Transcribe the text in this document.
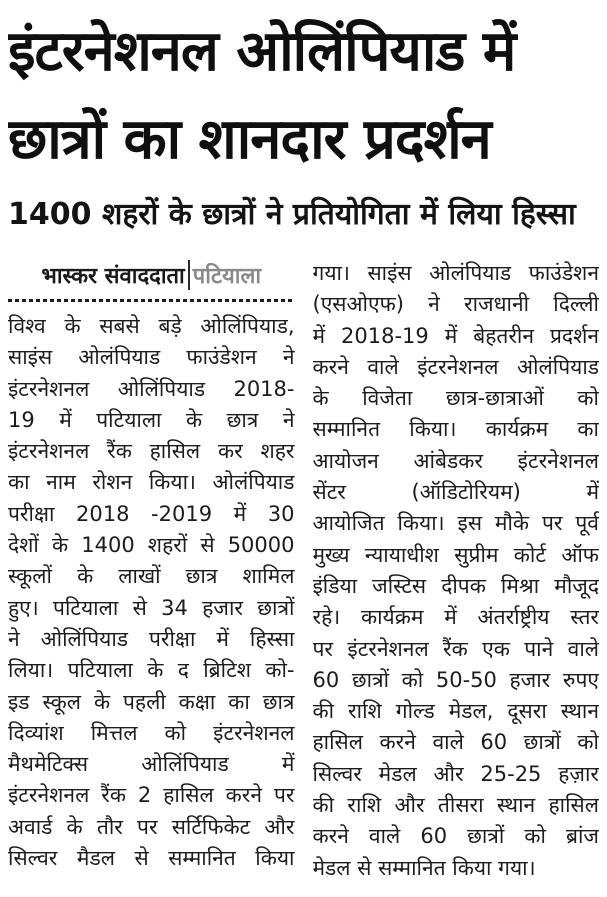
इंटरनेशनल ओलिंपियाड में
छात्रों का शानदार प्रदर्शन
1400 शहरों के छात्रों ने प्रतियोगिता में लिया हिस्सा
भास्कर संवाददाता पटियाला
विश्व के सबसे बड़े ओलिंपियाड,
साइंस ओलंपियाड फाउंडेशन ने
इंटरनेशनल ओलिंपियाड 2018-
19 में पटियाला के छात्र ने
इंटरनेशनल रैंक हासिल कर शहर
का नाम रोशन किया। ओलंपियाड
परीक्षा 2018 -2019 में 30
देशों के 1400 शहरों से 50000
स्कूलों के लाखों छात्र शामिल
हुए। पटियाला से 34 हजार छात्रों
ने ओलिंपियाड परीक्षा में हिस्सा
लिया। पटियाला के द ब्रिटिश को-
इड स्कूल के पहली कक्षा का छात्र
दिव्यांश मित्तल को इंटरनेशनल
मैथमेटिक्स ओलिंपियाड में
इंटरनेशनल रैंक 2 हासिल करने पर
अवार्ड के तौर पर सर्टिफिकेट और
सिल्वर मैडल से सम्मानित किया
गया। साइंस ओलंपियाड फाउंडेशन
(एसओएफ) ने राजधानी दिल्ली
में 2018-19 में बेहतरीन प्रदर्शन
करने वाले इंटरनेशनल ओलंपियाड
के विजेता छात्र-छात्राओं को
सम्मानित किया। कार्यक्रम का
आयोजन आंबेडकर इंटरनेशनल
सेंटर (ऑडिटोरियम) में
आयोजित किया। इस मौके पर पूर्व
मुख्य न्यायाधीश सुप्रीम कोर्ट ऑफ
इंडिया जस्टिस दीपक मिश्रा मौजूद
रहे। कार्यक्रम में अंतर्राष्ट्रीय स्तर
पर इंटरनेशनल रैंक एक पाने वाले
60 छात्रों को 50-50 हजार रुपए
की राशि गोल्ड मेडल, दूसरा स्थान
हासिल करने वाले 60 छात्रों को
सिल्वर मेडल और 25-25 हज़ार
की राशि और तीसरा स्थान हासिल
करने वाले 60 छात्रों को ब्रांज
मेडल से सम्मानित किया गया।
